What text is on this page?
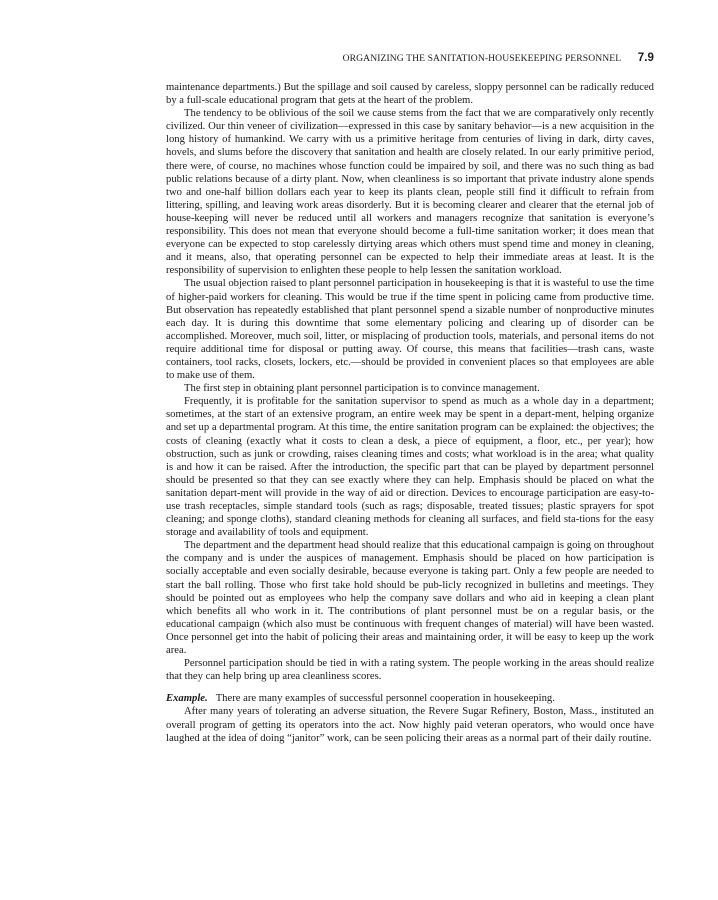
ORGANIZING THE SANITATION-HOUSEKEEPING PERSONNEL 7.9

maintenance departments.) But the spillage and soil caused by careless, sloppy personnel can be radically reduced by a full-scale educational program that gets at the heart of the problem.

The tendency to be oblivious of the soil we cause stems from the fact that we are comparatively only recently civilized. Our thin veneer of civilization—expressed in this case by sanitary behavior—is a new acquisition in the long history of humankind. We carry with us a primitive heritage from centuries of living in dark, dirty caves, hovels, and slums before the discovery that sanitation and health are closely related. In our early primitive period, there were, of course, no machines whose function could be impaired by soil, and there was no such thing as bad public relations because of a dirty plant. Now, when cleanliness is so important that private industry alone spends two and one-half billion dollars each year to keep its plants clean, people still find it difficult to refrain from littering, spilling, and leaving work areas disorderly. But it is becoming clearer and clearer that the eternal job of house-keeping will never be reduced until all workers and managers recognize that sanitation is everyone’s responsibility. This does not mean that everyone should become a full-time sanitation worker; it does mean that everyone can be expected to stop carelessly dirtying areas which others must spend time and money in cleaning, and it means, also, that operating personnel can be expected to help their immediate areas at least. It is the responsibility of supervision to enlighten these people to help lessen the sanitation workload.

The usual objection raised to plant personnel participation in housekeeping is that it is wasteful to use the time of higher-paid workers for cleaning. This would be true if the time spent in policing came from productive time. But observation has repeatedly established that plant personnel spend a sizable number of nonproductive minutes each day. It is during this downtime that some elementary policing and clearing up of disorder can be accomplished. Moreover, much soil, litter, or misplacing of production tools, materials, and personal items do not require additional time for disposal or putting away. Of course, this means that facilities—trash cans, waste containers, tool racks, closets, lockers, etc.—should be provided in convenient places so that employees are able to make use of them.

The first step in obtaining plant personnel participation is to convince management.

Frequently, it is profitable for the sanitation supervisor to spend as much as a whole day in a department; sometimes, at the start of an extensive program, an entire week may be spent in a depart-ment, helping organize and set up a departmental program. At this time, the entire sanitation program can be explained: the objectives; the costs of cleaning (exactly what it costs to clean a desk, a piece of equipment, a floor, etc., per year); how obstruction, such as junk or crowding, raises cleaning times and costs; what workload is in the area; what quality is and how it can be raised. After the introduction, the specific part that can be played by department personnel should be presented so that they can see exactly where they can help. Emphasis should be placed on what the sanitation depart-ment will provide in the way of aid or direction. Devices to encourage participation are easy-to-use trash receptacles, simple standard tools (such as rags; disposable, treated tissues; plastic sprayers for spot cleaning; and sponge cloths), standard cleaning methods for cleaning all surfaces, and field sta-tions for the easy storage and availability of tools and equipment.

The department and the department head should realize that this educational campaign is going on throughout the company and is under the auspices of management. Emphasis should be placed on how participation is socially acceptable and even socially desirable, because everyone is taking part. Only a few people are needed to start the ball rolling. Those who first take hold should be pub-licly recognized in bulletins and meetings. They should be pointed out as employees who help the company save dollars and who aid in keeping a clean plant which benefits all who work in it. The contributions of plant personnel must be on a regular basis, or the educational campaign (which also must be continuous with frequent changes of material) will have been wasted. Once personnel get into the habit of policing their areas and maintaining order, it will be easy to keep up the work area.

Personnel participation should be tied in with a rating system. The people working in the areas should realize that they can help bring up area cleanliness scores.

Example. There are many examples of successful personnel cooperation in housekeeping.

After many years of tolerating an adverse situation, the Revere Sugar Refinery, Boston, Mass., instituted an overall program of getting its operators into the act. Now highly paid veteran operators, who would once have laughed at the idea of doing “janitor” work, can be seen policing their areas as a normal part of their daily routine.
